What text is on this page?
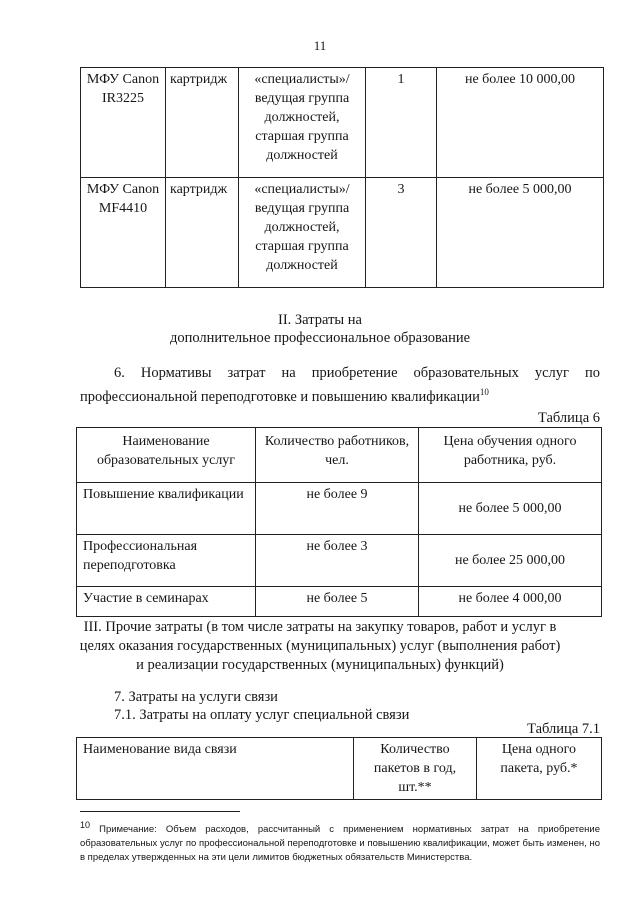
11
МФУ Canon IR3225	картридж	«специалисты»/ ведущая группа должностей, старшая группа должностей	1	не более 10 000,00
МФУ Canon MF4410	картридж	«специалисты»/ ведущая группа должностей, старшая группа должностей	3	не более 5 000,00
II. Затраты на
дополнительное профессиональное образование
6. Нормативы затрат на приобретение образовательных услуг по профессиональной переподготовке и повышению квалификации$^{10}$
Таблица 6
Наименование образовательных услуг	Количество работников, чел.	Цена обучения одного работника, руб.
Повышение квалификации	не более 9	не более 5 000,00

Профессиональная переподготовка	не более 3	не более 25 000,00

Участие в семинарах	не более 5	не более 4 000,00
III. Прочие затраты (в том числе затраты на закупку товаров, работ и услуг в
целях оказания государственных (муниципальных) услуг (выполнения работ)
и реализации государственных (муниципальных) функций)
7. Затраты на услуги связи
7.1. Затраты на оплату услуг специальной связи
Таблица 7.1
Наименование вида связи	Количество пакетов в год, шт.**	Цена одного пакета, руб.*
$^{10}$ Примечание: Объем расходов, рассчитанный с применением нормативных затрат на приобретение образовательных услуг по профессиональной переподготовке и повышению квалификации, может быть изменен, но в пределах утвержденных на эти цели лимитов бюджетных обязательств Министерства.
